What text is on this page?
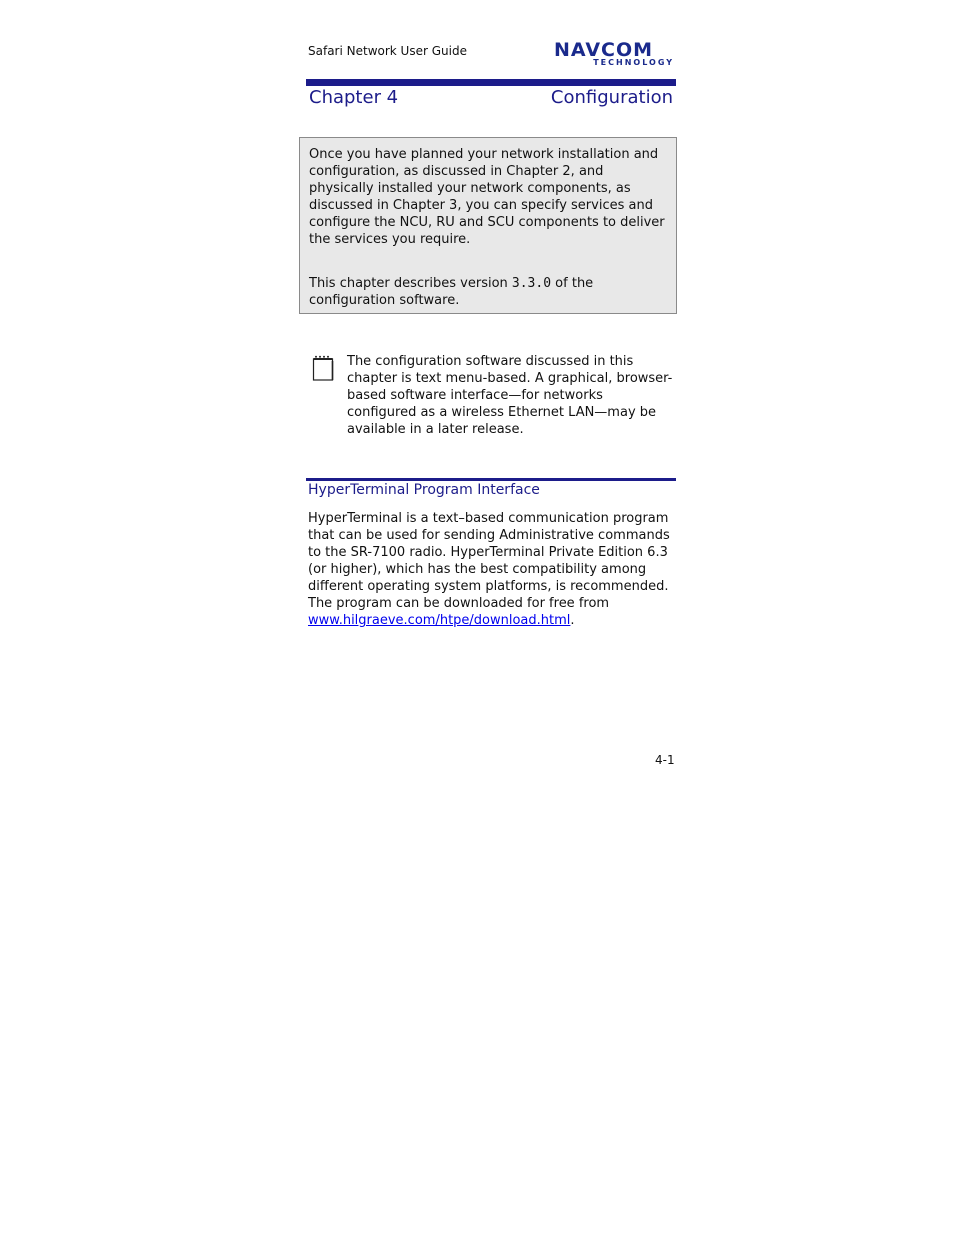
Safari Network User Guide	NAVCOM
TECHNOLOGY
Chapter 4	Configuration

Once you have planned your network installation and configuration, as discussed in Chapter 2, and physically installed your network components, as discussed in Chapter 3, you can specify services and configure the NCU, RU and SCU components to deliver the services you require.

This chapter describes version 3.3.0 of the configuration software.

The configuration software discussed in this chapter is text menu-based. A graphical, browser-based software interface—for networks configured as a wireless Ethernet LAN—may be available in a later release.
HyperTerminal Program Interface
HyperTerminal is a text–based communication program that can be used for sending Administrative commands to the SR-7100 radio. HyperTerminal Private Edition 6.3 (or higher), which has the best compatibility among different operating system platforms, is recommended. The program can be downloaded for free from www.hilgraeve.com/htpe/download.html.
4-1
